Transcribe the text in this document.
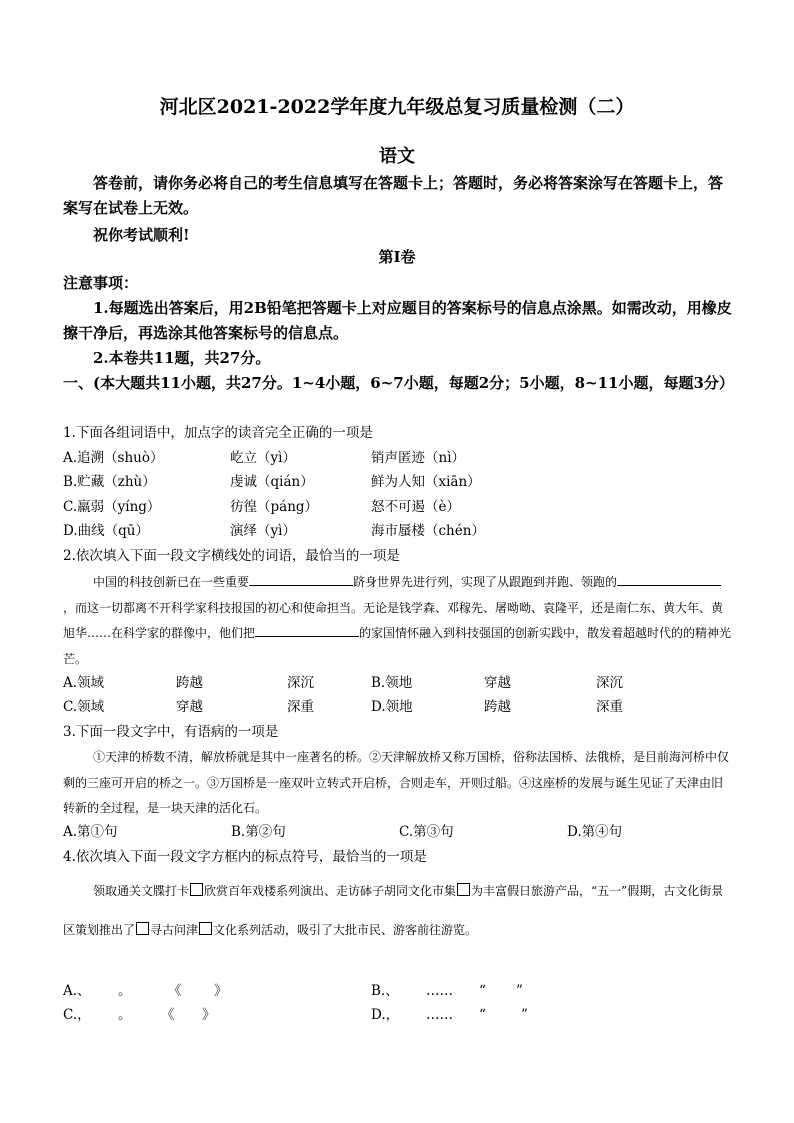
河北区2021-2022学年度九年级总复习质量检测（二）
语文
答卷前，请你务必将自己的考生信息填写在答题卡上；答题时，务必将答案涂写在答题卡上，答案写在试卷上无效。
祝你考试顺利!
第Ⅰ卷
注意事项：
1.每题选出答案后，用2B铅笔把答题卡上对应题目的答案标号的信息点涂黑。如需改动，用橡皮擦干净后，再选涂其他答案标号的信息点。
2.本卷共11题，共27分。
一、(本大题共11小题，共27分。1~4小题，6~7小题，每题2分；5小题，8~11小题，每题3分）
1.下面各组词语中，加点字的读音完全正确的一项是
A.追溯（shuò）	屹立（yì）	销声匿迹（nì）
B.贮藏（zhù）	虔诚（qián）	鲜为人知（xiān）
C.羸弱（yíng）	彷徨（páng）	怒不可遏（è）
D.曲线（qū）	演绎（yì）	海市蜃楼（chén）
2.依次填入下面一段文字横线处的词语，最恰当的一项是
中国的科技创新已在一些重要	跻身世界先进行列，实现了从跟跑到并跑、领跑的，而这一切都离不开科学家科技报国的初心和使命担当。无论是钱学森、邓稼先、屠呦呦、袁隆平，还是南仁东、黄大年、黄旭华……在科学家的群像中，他们把	的家国情怀融入到科技强国的创新实践中，散发着超越时代的的精神光芒。
A.领域	跨越	深沉	B.领地	穿越	深沉
C.领域	穿越	深重	D.领地	跨越	深重
3.下面一段文字中，有语病的一项是
①天津的桥数不清，解放桥就是其中一座著名的桥。②天津解放桥又称万国桥，俗称法国桥、法俄桥，是目前海河桥中仅剩的三座可开启的桥之一。③万国桥是一座双叶立转式开启桥，合则走车，开则过船。④这座桥的发展与诞生见证了天津由旧转新的全过程，是一块天津的活化石。
A.第①句	B.第②句	C.第③句	D.第④句
4.依次填入下面一段文字方框内的标点符号，最恰当的一项是
领取通关文牒打卡 欣赏百年戏楼系列演出、走访砵子胡同文化市集 为丰富假日旅游产品，“五一”假期，古文化街景区策划推出了 寻古问津 文化系列活动，吸引了大批市民、游客前往游览。
A.、 。	《 》	B.、 …… “ ”
C.， 。 《 》	D.， …… “	”
